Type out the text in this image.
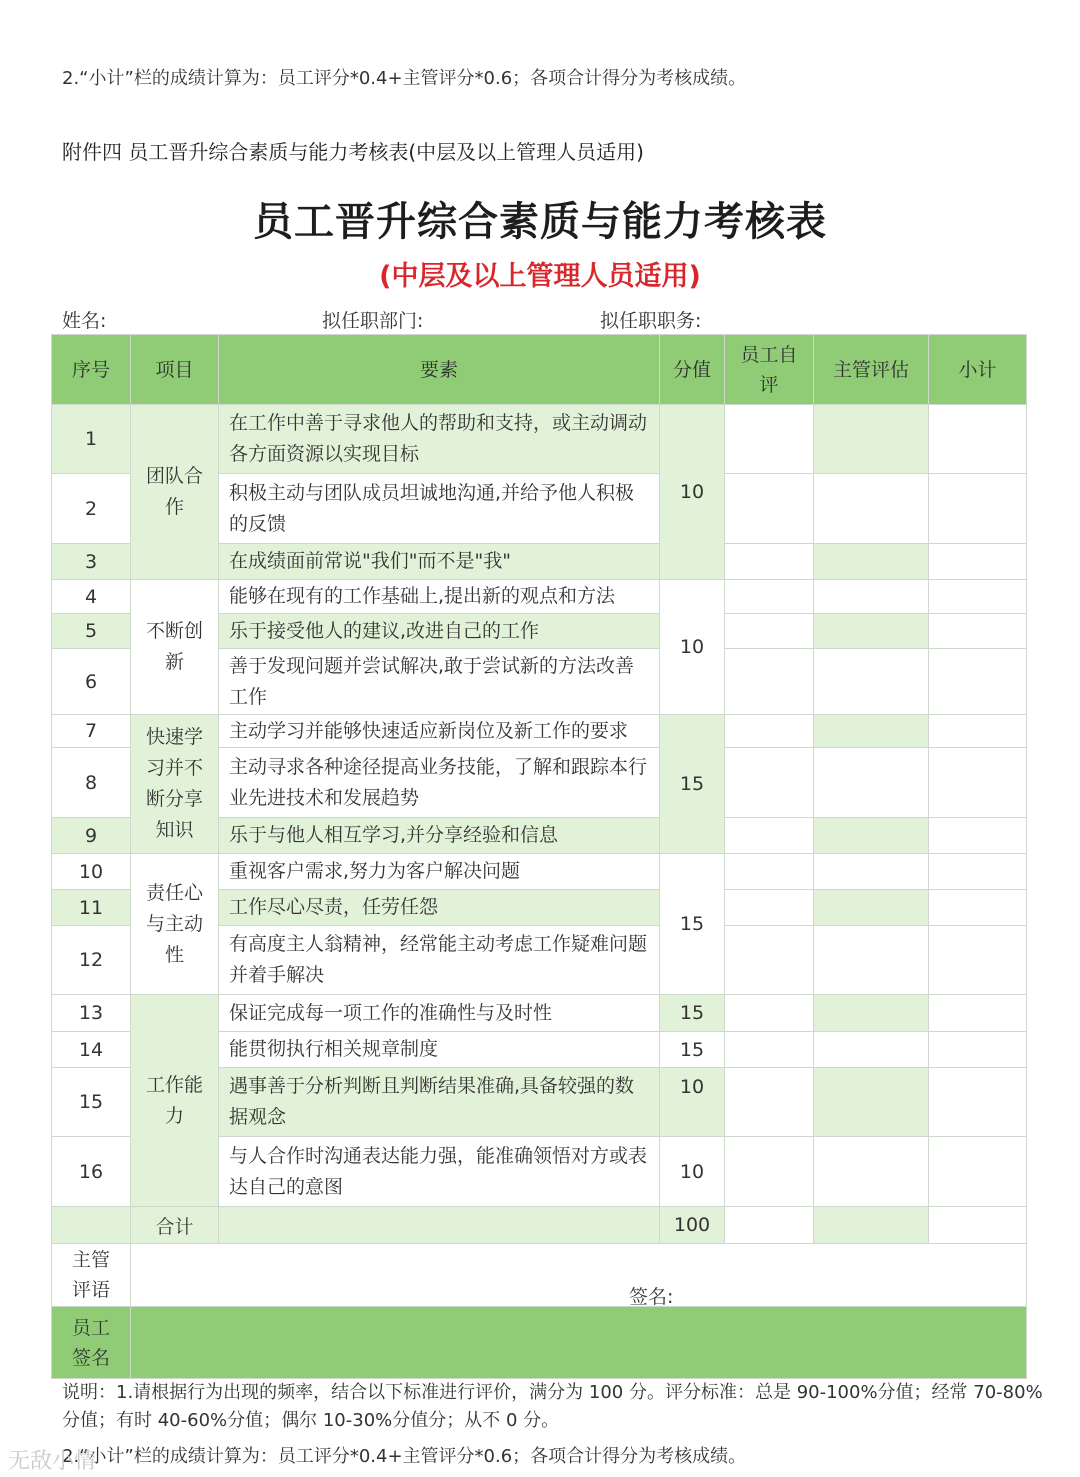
2.“小计”栏的成绩计算为：员工评分*0.4+主管评分*0.6；各项合计得分为考核成绩。
附件四 员工晋升综合素质与能力考核表(中层及以上管理人员适用)
员工晋升综合素质与能力考核表
(中层及以上管理人员适用)
姓名:	拟任职部门:	拟任职职务:
序号	项目	要素	分值	员工自评	主管评估	小计
1	团队合作	在工作中善于寻求他人的帮助和支持，或主动调动各方面资源以实现目标	10			
2		积极主动与团队成员坦诚地沟通,并给予他人积极的反馈				
3		在成绩面前常说"我们"而不是"我"				
4	不断创新	能够在现有的工作基础上,提出新的观点和方法	10			
5		乐于接受他人的建议,改进自己的工作				
6		善于发现问题并尝试解决,敢于尝试新的方法改善工作				
7	快速学习并不断分享知识	主动学习并能够快速适应新岗位及新工作的要求	15			
8		主动寻求各种途径提高业务技能，了解和跟踪本行业先进技术和发展趋势				
9		乐于与他人相互学习,并分享经验和信息				
10	责任心与主动性	重视客户需求,努力为客户解决问题	15			
11		工作尽心尽责，任劳任怨				
12		有高度主人翁精神，经常能主动考虑工作疑难问题并着手解决				
13	工作能力	保证完成每一项工作的准确性与及时性	15			
14		能贯彻执行相关规章制度	15			
15		遇事善于分析判断且判断结果准确,具备较强的数据观念	10			
16		与人合作时沟通表达能力强，能准确领悟对方或表达自己的意图	10			
	合计		100			
主管评语	签名:					

员工签名						
说明：1.请根据行为出现的频率，结合以下标准进行评价，满分为 100 分。评分标准：总是 90-100%分值；经常 70-80%
分值；有时 40-60%分值；偶尔 10-30%分值分；从不 0 分。
2.“小计”栏的成绩计算为：员工评分*0.4+主管评分*0.6；各项合计得分为考核成绩。
无敌小情
